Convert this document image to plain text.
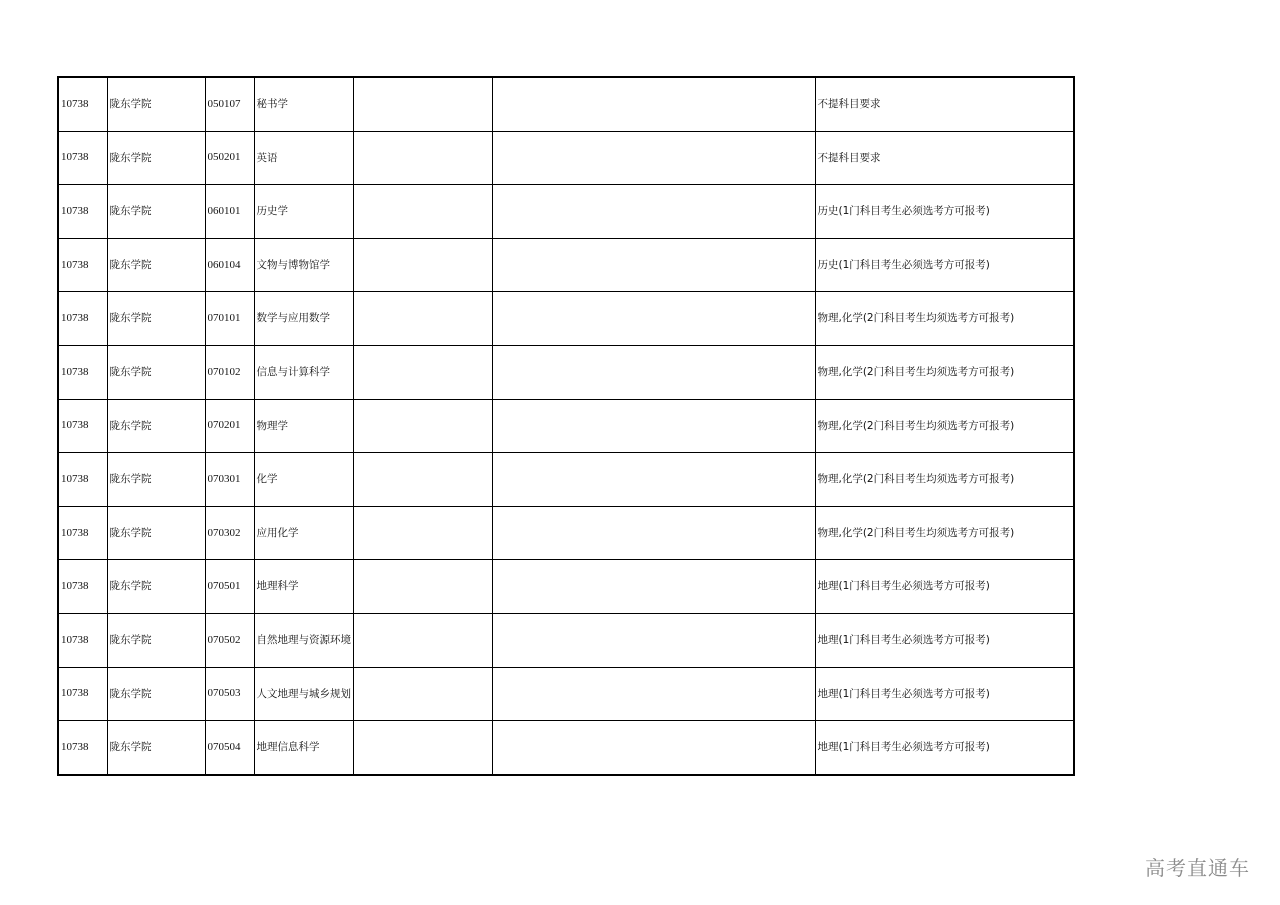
10738	陇东学院	050107	秘书学			不提科目要求
10738	陇东学院	050201	英语			不提科目要求
10738	陇东学院	060101	历史学			历史(1门科目考生必须选考方可报考)
10738	陇东学院	060104	文物与博物馆学			历史(1门科目考生必须选考方可报考)
10738	陇东学院	070101	数学与应用数学			物理,化学(2门科目考生均须选考方可报考)
10738	陇东学院	070102	信息与计算科学			物理,化学(2门科目考生均须选考方可报考)
10738	陇东学院	070201	物理学			物理,化学(2门科目考生均须选考方可报考)
10738	陇东学院	070301	化学			物理,化学(2门科目考生均须选考方可报考)
10738	陇东学院	070302	应用化学			物理,化学(2门科目考生均须选考方可报考)
10738	陇东学院	070501	地理科学			地理(1门科目考生必须选考方可报考)
10738	陇东学院	070502	自然地理与资源环境			地理(1门科目考生必须选考方可报考)
10738	陇东学院	070503	人文地理与城乡规划			地理(1门科目考生必须选考方可报考)
10738	陇东学院	070504	地理信息科学			地理(1门科目考生必须选考方可报考)
高考直通车
